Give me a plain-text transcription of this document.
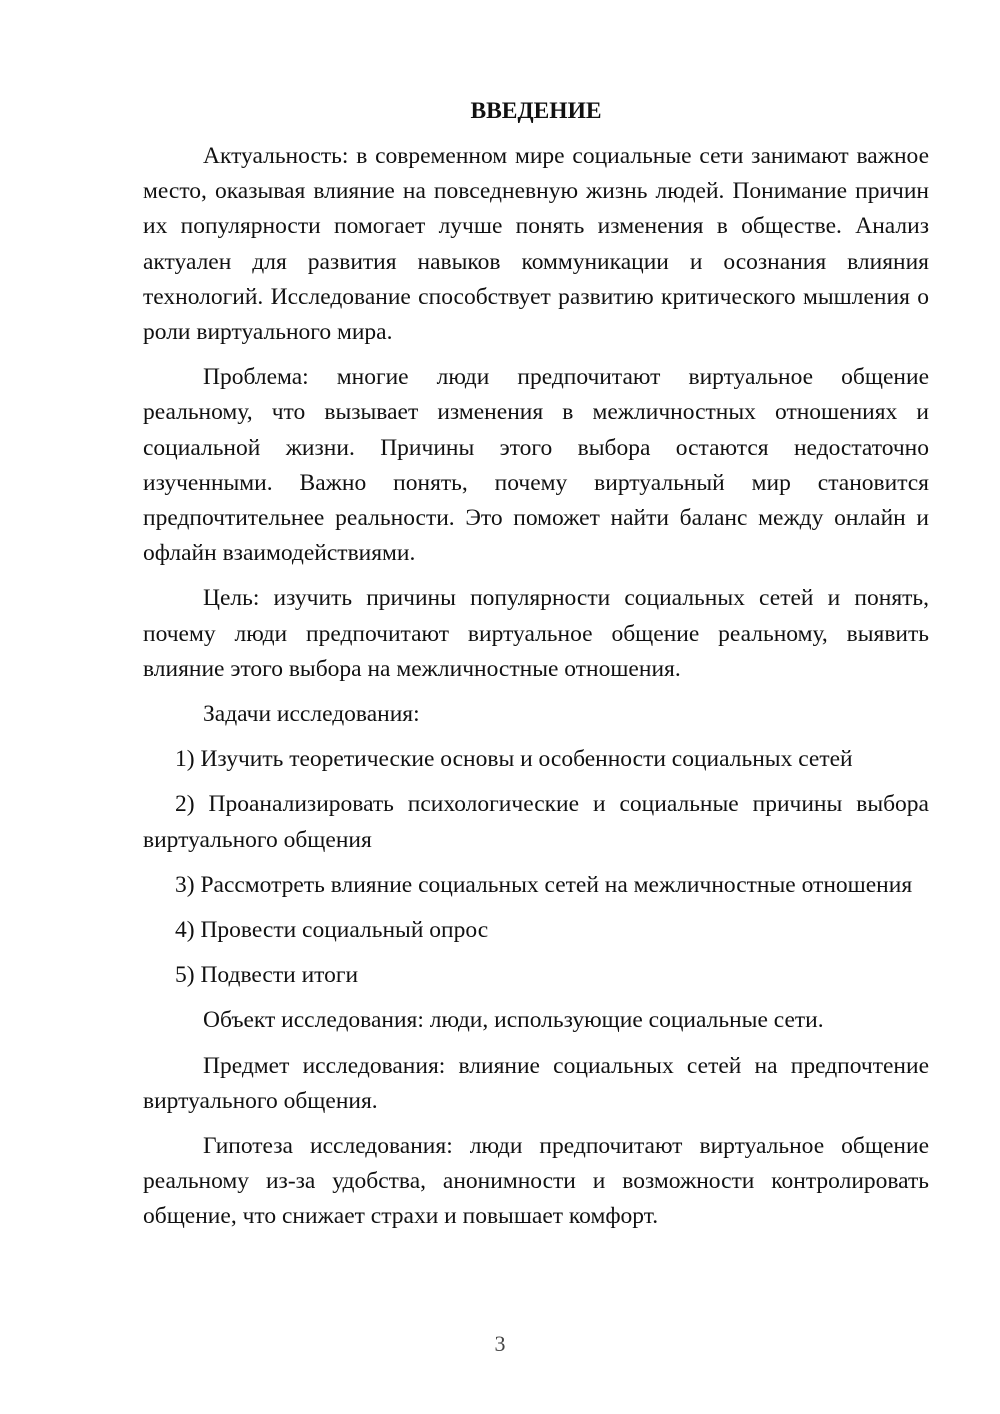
ВВЕДЕНИЕ

Актуальность: в современном мире социальные сети занимают важное место, оказывая влияние на повседневную жизнь людей. Понимание причин их популярности помогает лучше понять изменения в обществе. Анализ актуален для развития навыков коммуникации и осознания влияния технологий. Исследование способствует развитию критического мышления о роли виртуального мира.

Проблема: многие люди предпочитают виртуальное общение реальному, что вызывает изменения в межличностных отношениях и социальной жизни. Причины этого выбора остаются недостаточно изученными. Важно понять, почему виртуальный мир становится предпочтительнее реальности. Это поможет найти баланс между онлайн и офлайн взаимодействиями.

Цель: изучить причины популярности социальных сетей и понять, почему люди предпочитают виртуальное общение реальному, выявить влияние этого выбора на межличностные отношения.

Задачи исследования:

1) Изучить теоретические основы и особенности социальных сетей

2) Проанализировать психологические и социальные причины выбора виртуального общения

3) Рассмотреть влияние социальных сетей на межличностные отношения

4) Провести социальный опрос

5) Подвести итоги

Объект исследования: люди, использующие социальные сети.

Предмет исследования: влияние социальных сетей на предпочтение виртуального общения.

Гипотеза исследования: люди предпочитают виртуальное общение реальному из-за удобства, анонимности и возможности контролировать общение, что снижает страхи и повышает комфорт.

3
